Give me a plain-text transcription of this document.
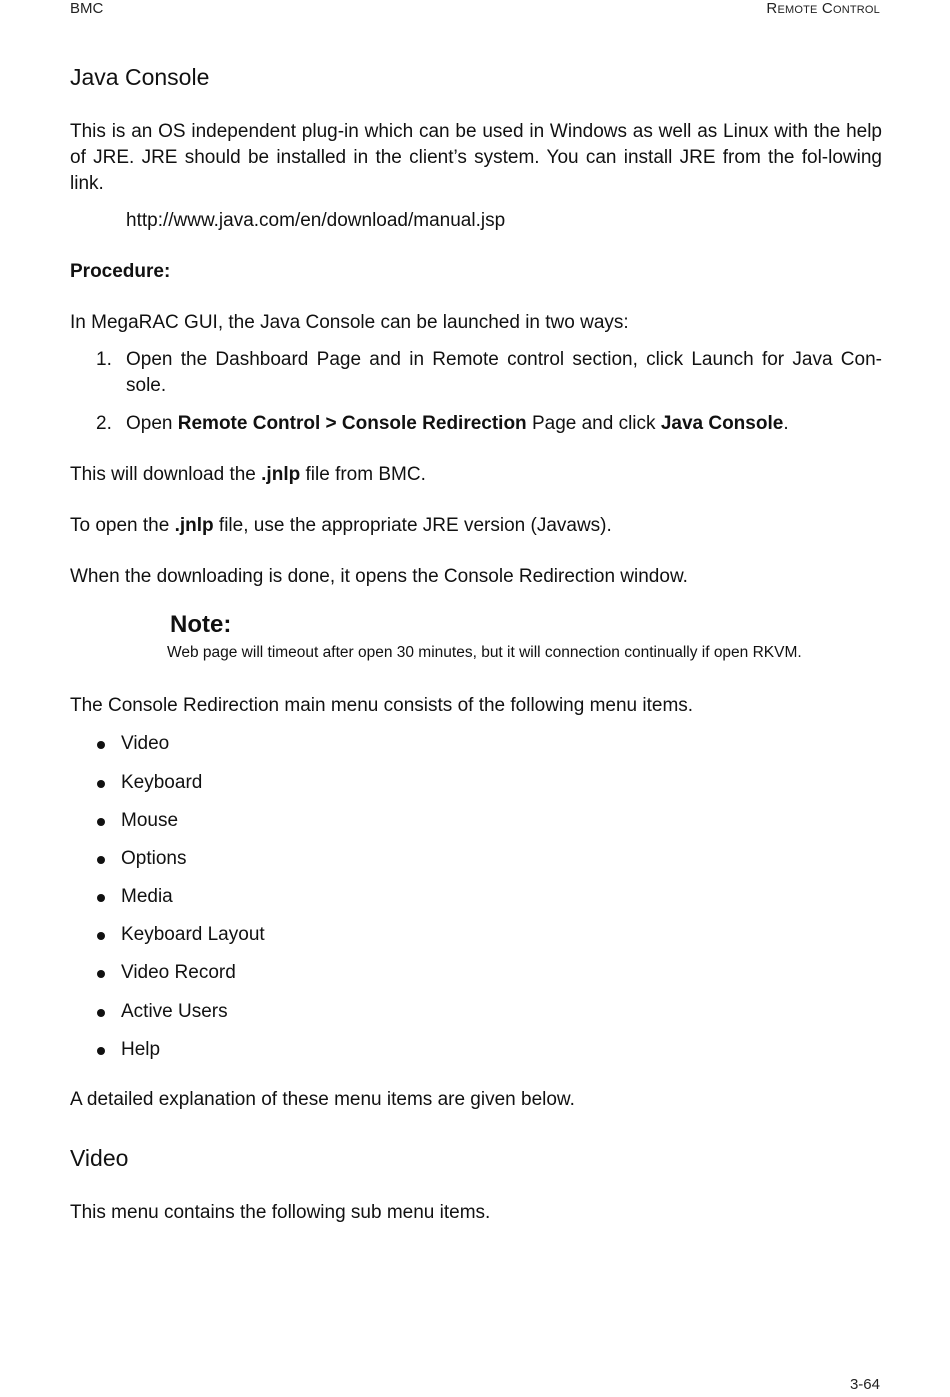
BMC	Remote Control
Java Console

This is an OS independent plug-in which can be used in Windows as well as Linux with the help of JRE. JRE should be installed in the client’s system. You can install JRE from the fol-lowing link.

http://www.java.com/en/download/manual.jsp

Procedure:

In MegaRAC GUI, the Java Console can be launched in two ways:

1. Open the Dashboard Page and in Remote control section, click Launch for Java Con-sole.
2. Open Remote Control > Console Redirection Page and click Java Console.

This will download the .jnlp file from BMC.

To open the .jnlp file, use the appropriate JRE version (Javaws).

When the downloading is done, it opens the Console Redirection window.

Note:
Web page will timeout after open 30 minutes, but it will connection continually if open RKVM.

The Console Redirection main menu consists of the following menu items.

Video
Keyboard
Mouse
Options
Media
Keyboard Layout
Video Record
Active Users
Help

A detailed explanation of these menu items are given below.

Video

This menu contains the following sub menu items.

3-64
